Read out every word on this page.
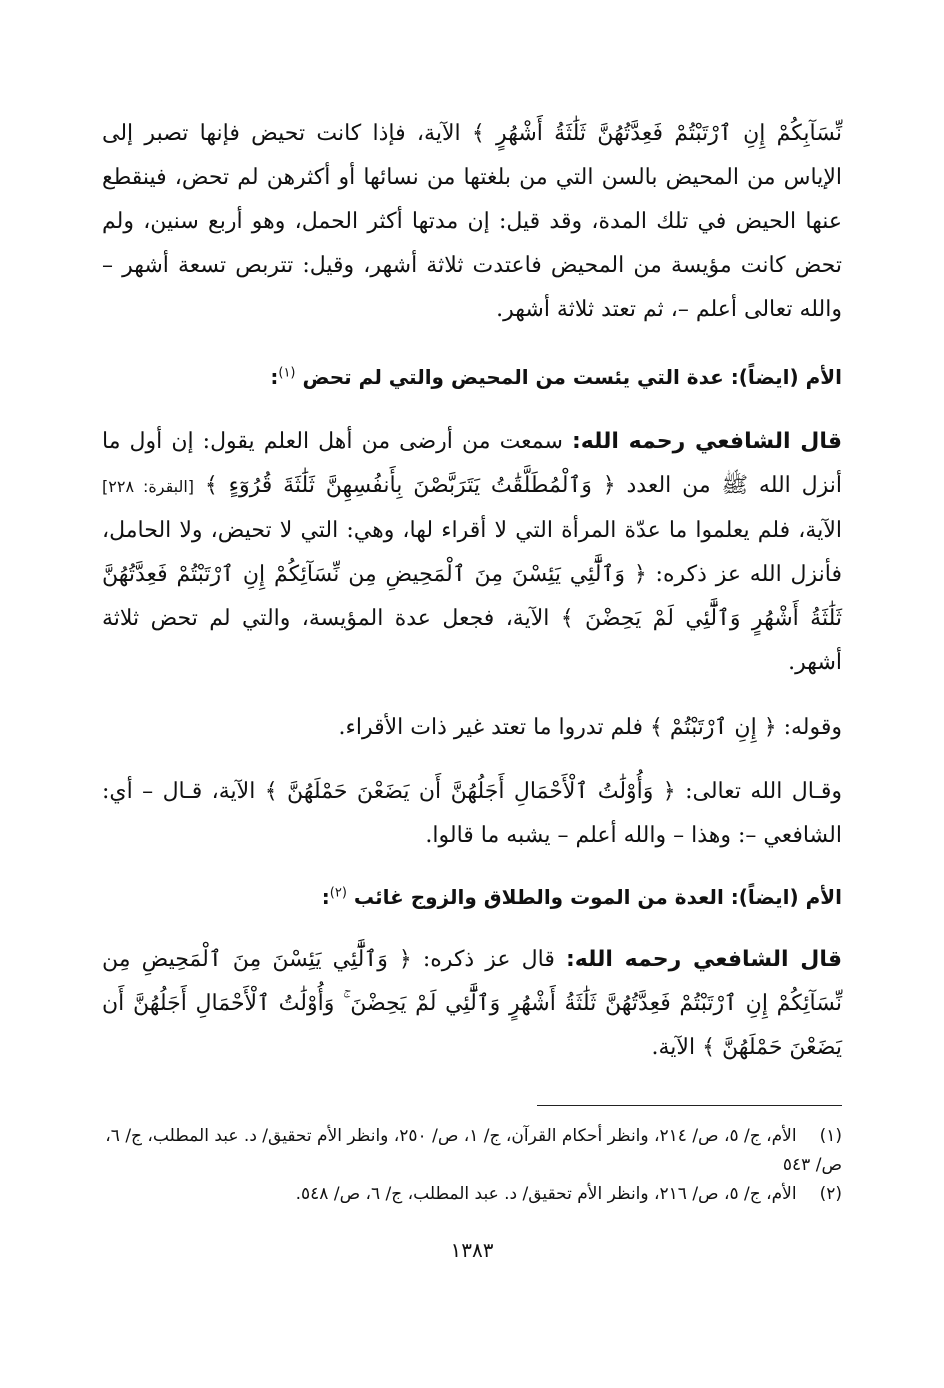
نِّسَآبِكُمْ إِنِ ٱرْتَبْتُمْ فَعِدَّتُهُنَّ ثَلَٰثَةُ أَشْهُرٍ ﴾ الآية، فإذا كانت تحيض فإنها تصبر إلى الإياس من المحيض بالسن التي من بلغتها من نسائها أو أكثرهن لم تحض، فينقطع عنها الحيض في تلك المدة، وقد قيل: إن مدتها أكثر الحمل، وهو أربع سنين، ولم تحض كانت مؤيسة من المحيض فاعتدت ثلاثة أشهر، وقيل: تتربص تسعة أشهر – والله تعالى أعلم –، ثم تعتد ثلاثة أشهر.

الأم (ايضاً): عدة التي يئست من المحيض والتي لم تحض $^{(١)}$:

قال الشافعي رحمه الله: سمعت من أرضى من أهل العلم يقول: إن أول ما أنزل الله ﷺ من العدد ﴿ وَٱلْمُطَلَّقَٰتُ يَتَرَبَّصْنَ بِأَنفُسِهِنَّ ثَلَٰثَةَ قُرُوٓءٍ ﴾ [البقرة: ٢٢٨] الآية، فلم يعلموا ما عدّة المرأة التي لا أقراء لها، وهي: التي لا تحيض، ولا الحامل، فأنزل الله عز ذكره: ﴿ وَٱلَّٰٓئِي يَئِسْنَ مِنَ ٱلْمَحِيضِ مِن نِّسَآئِكُمْ إِنِ ٱرْتَبْتُمْ فَعِدَّتُهُنَّ ثَلَٰثَةُ أَشْهُرٍ وَٱلَّٰٓئِي لَمْ يَحِضْنَ ﴾ الآية، فجعل عدة المؤيسة، والتي لم تحض ثلاثة أشهر.

وقوله: ﴿ إِنِ ٱرْتَبْتُمْ ﴾ فلم تدروا ما تعتد غير ذات الأقراء.

وقـال الله تعالى: ﴿ وَأُوْلَٰتُ ٱلْأَحْمَالِ أَجَلُهُنَّ أَن يَضَعْنَ حَمْلَهُنَّ ﴾ الآية، قـال – أي: الشافعي –: وهذا – والله أعلم – يشبه ما قالوا.

الأم (ايضاً): العدة من الموت والطلاق والزوج غائب $^{(٢)}$:

قال الشافعي رحمه الله: قال عز ذكره: ﴿ وَٱلَّٰٓئِي يَئِسْنَ مِنَ ٱلْمَحِيضِ مِن نِّسَآئِكُمْ إِنِ ٱرْتَبْتُمْ فَعِدَّتُهُنَّ ثَلَٰثَةُ أَشْهُرٍ وَٱلَّٰٓئِي لَمْ يَحِضْنَ ۚ وَأُوْلَٰتُ ٱلْأَحْمَالِ أَجَلُهُنَّ أَن يَضَعْنَ حَمْلَهُنَّ ﴾ الآية.

(١) الأم، ج/ ٥، ص/ ٢١٤، وانظر أحكام القرآن، ج/ ١، ص/ ٢٥٠، وانظر الأم تحقيق/ د. عبد المطلب، ج/ ٦، ص/ ٥٤٣
(٢) الأم، ج/ ٥، ص/ ٢١٦، وانظر الأم تحقيق/ د. عبد المطلب، ج/ ٦، ص/ ٥٤٨.
١٣٨٣
